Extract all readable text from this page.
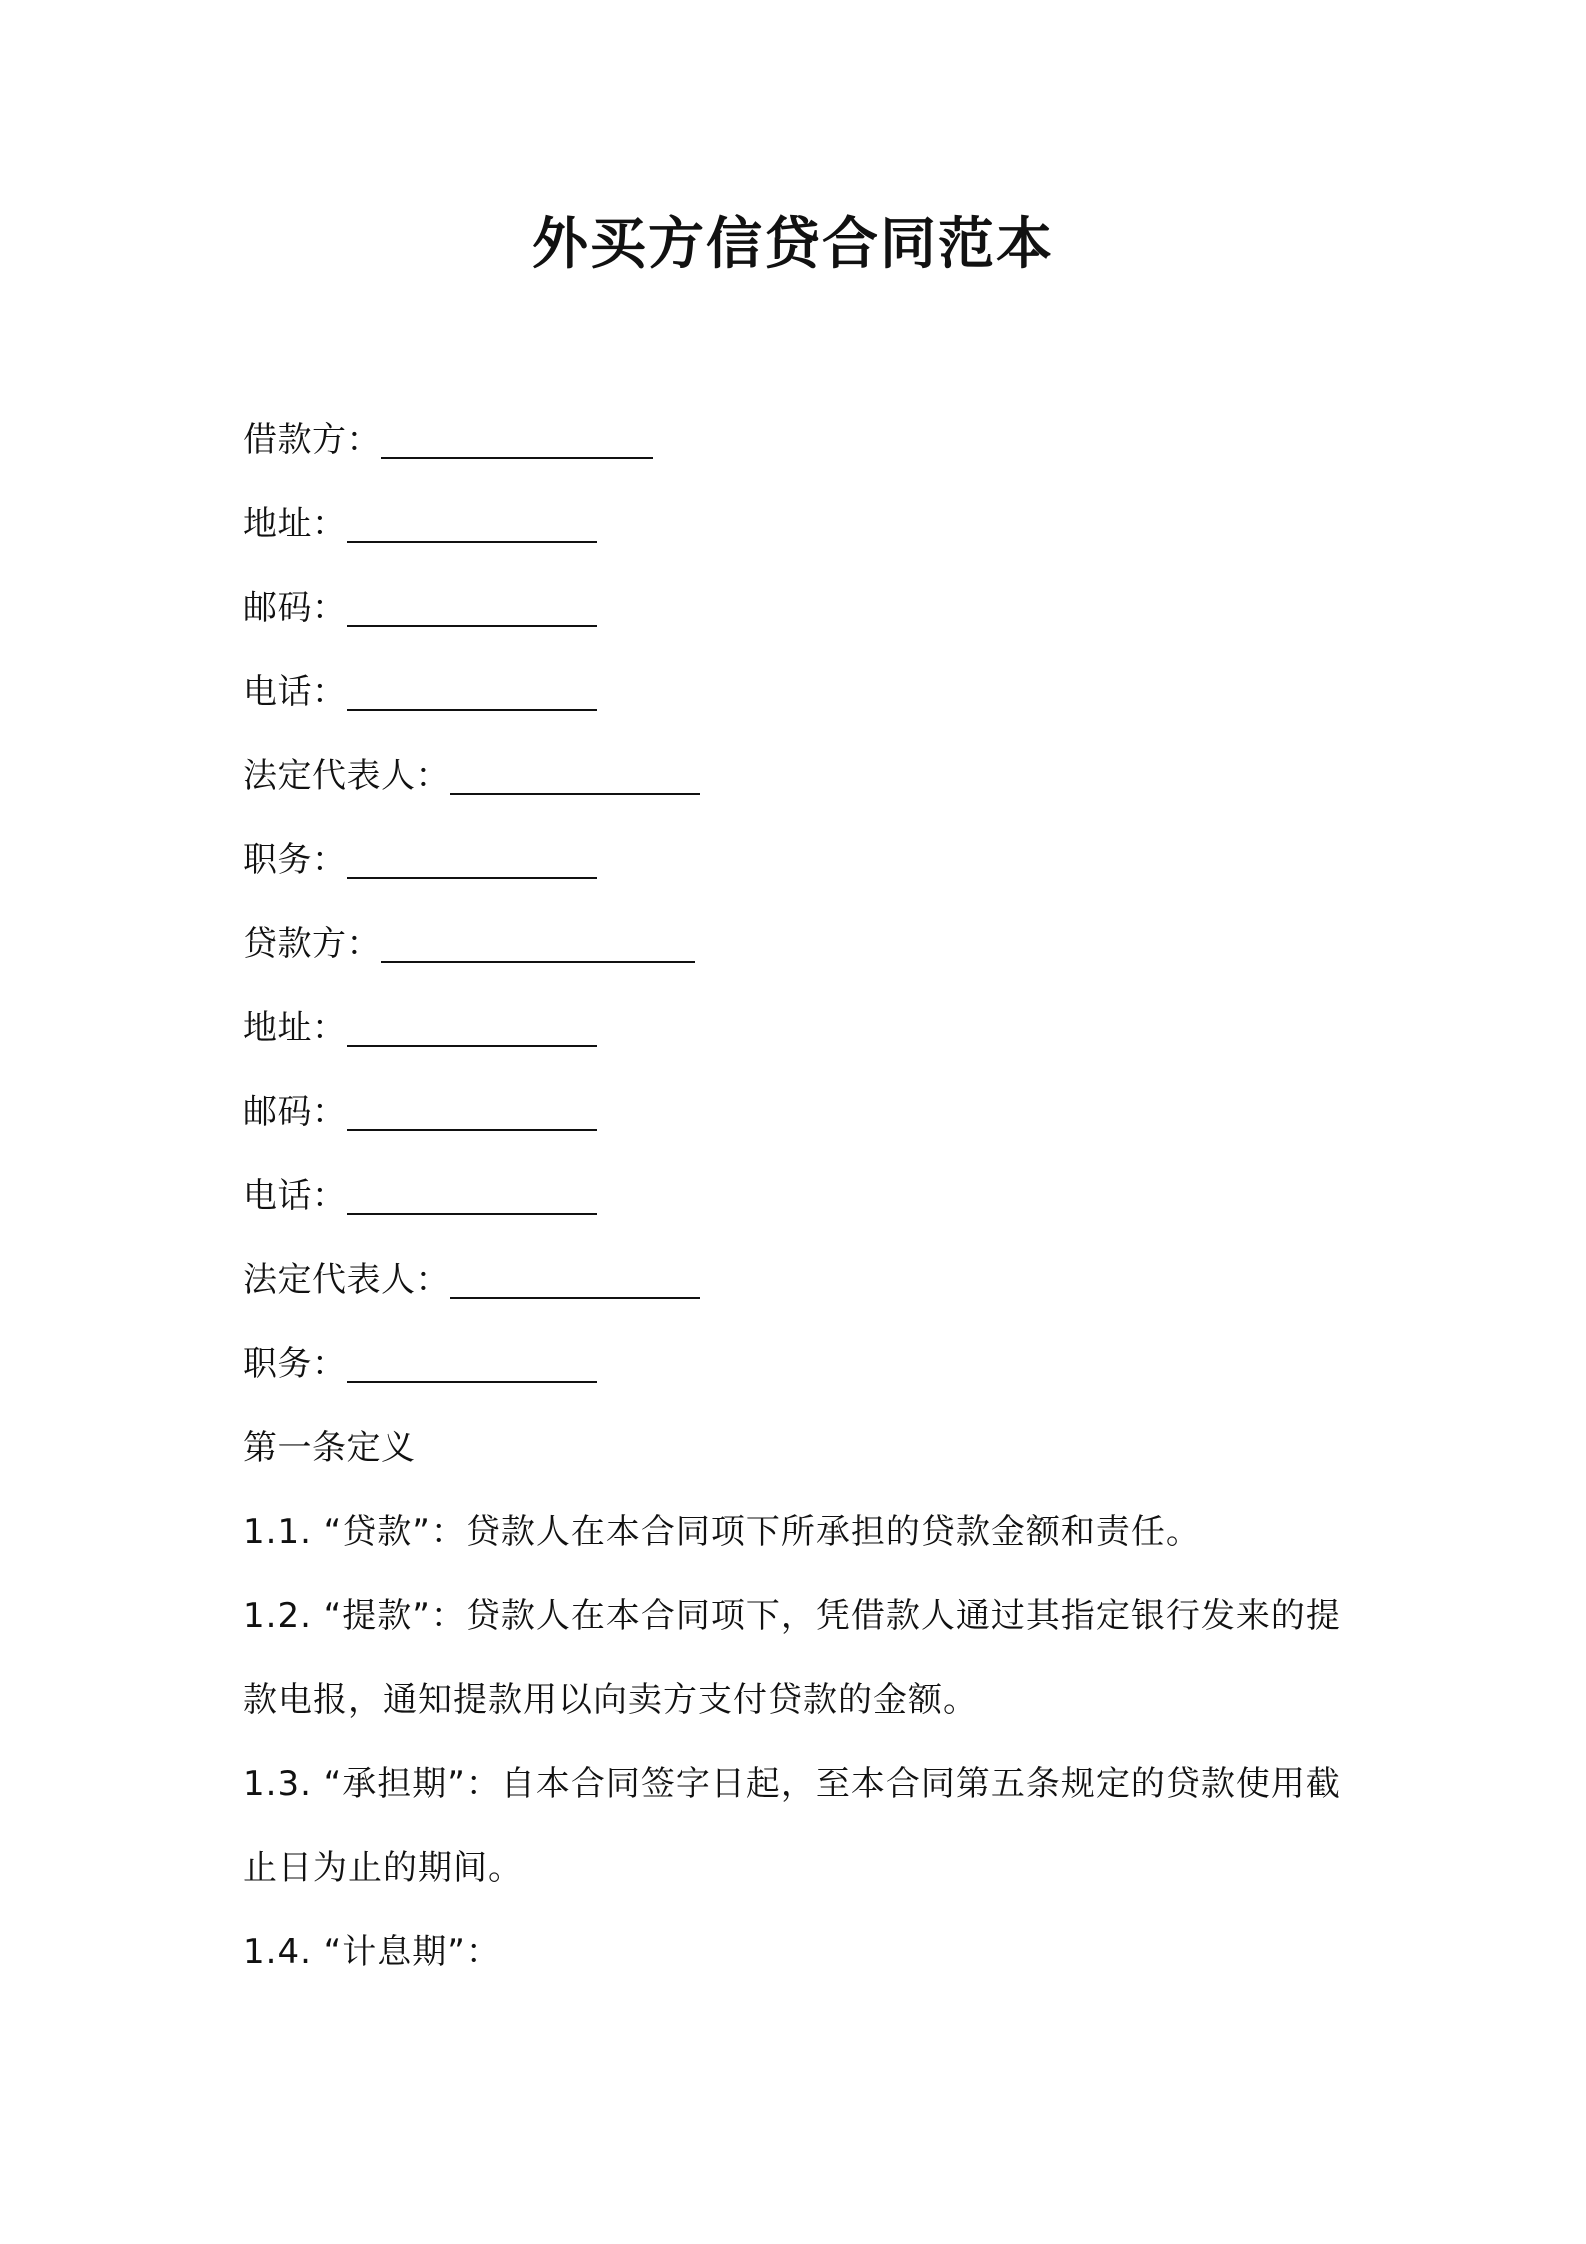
外买方信贷合同范本
借款方：
地址：
邮码：
电话：
法定代表人：
职务：
贷款方：
地址：
邮码：
电话：
法定代表人：
职务：
第一条定义
1.1. “贷款”：贷款人在本合同项下所承担的贷款金额和责任。
1.2. “提款”：贷款人在本合同项下，凭借款人通过其指定银行发来的提款电报，通知提款用以向卖方支付贷款的金额。
1.3. “承担期”：自本合同签字日起，至本合同第五条规定的贷款使用截止日为止的期间。
1.4. “计息期”：
